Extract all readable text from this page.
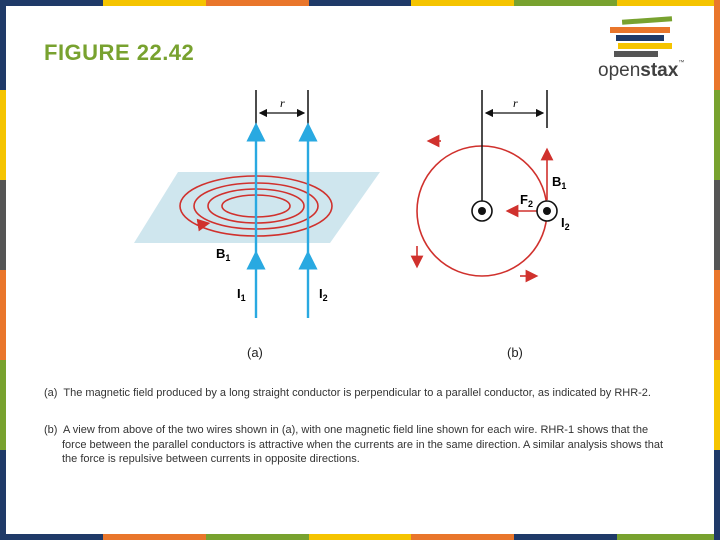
FIGURE 22.42
openstax™
r
$B_1$
$I_1$	$I_2$
r
$B_1$
$F_2$
$I_2$
(a)	(b)

(a) The magnetic field produced by a long straight conductor is perpendicular to a parallel conductor, as indicated by RHR-2.

(b) A view from above of the two wires shown in (a), with one magnetic field line shown for each wire. RHR-1 shows that the force between the parallel conductors is attractive when the currents are in the same direction. A similar analysis shows that the force is repulsive between currents in opposite directions.
